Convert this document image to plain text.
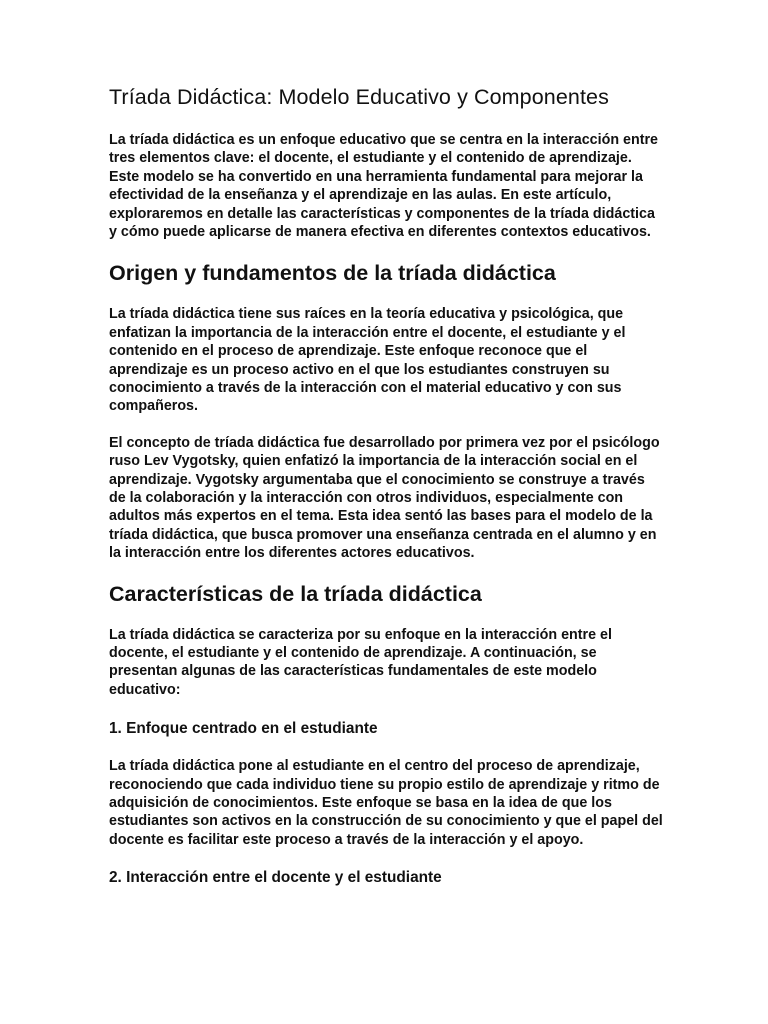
Tríada Didáctica: Modelo Educativo y Componentes

La tríada didáctica es un enfoque educativo que se centra en la interacción entre tres elementos clave: el docente, el estudiante y el contenido de aprendizaje. Este modelo se ha convertido en una herramienta fundamental para mejorar la efectividad de la enseñanza y el aprendizaje en las aulas. En este artículo, exploraremos en detalle las características y componentes de la tríada didáctica y cómo puede aplicarse de manera efectiva en diferentes contextos educativos.

Origen y fundamentos de la tríada didáctica

La tríada didáctica tiene sus raíces en la teoría educativa y psicológica, que enfatizan la importancia de la interacción entre el docente, el estudiante y el contenido en el proceso de aprendizaje. Este enfoque reconoce que el aprendizaje es un proceso activo en el que los estudiantes construyen su conocimiento a través de la interacción con el material educativo y con sus compañeros.

El concepto de tríada didáctica fue desarrollado por primera vez por el psicólogo ruso Lev Vygotsky, quien enfatizó la importancia de la interacción social en el aprendizaje. Vygotsky argumentaba que el conocimiento se construye a través de la colaboración y la interacción con otros individuos, especialmente con adultos más expertos en el tema. Esta idea sentó las bases para el modelo de la tríada didáctica, que busca promover una enseñanza centrada en el alumno y en la interacción entre los diferentes actores educativos.

Características de la tríada didáctica

La tríada didáctica se caracteriza por su enfoque en la interacción entre el docente, el estudiante y el contenido de aprendizaje. A continuación, se presentan algunas de las características fundamentales de este modelo educativo:

1. Enfoque centrado en el estudiante

La tríada didáctica pone al estudiante en el centro del proceso de aprendizaje, reconociendo que cada individuo tiene su propio estilo de aprendizaje y ritmo de adquisición de conocimientos. Este enfoque se basa en la idea de que los estudiantes son activos en la construcción de su conocimiento y que el papel del docente es facilitar este proceso a través de la interacción y el apoyo.

2. Interacción entre el docente y el estudiante
